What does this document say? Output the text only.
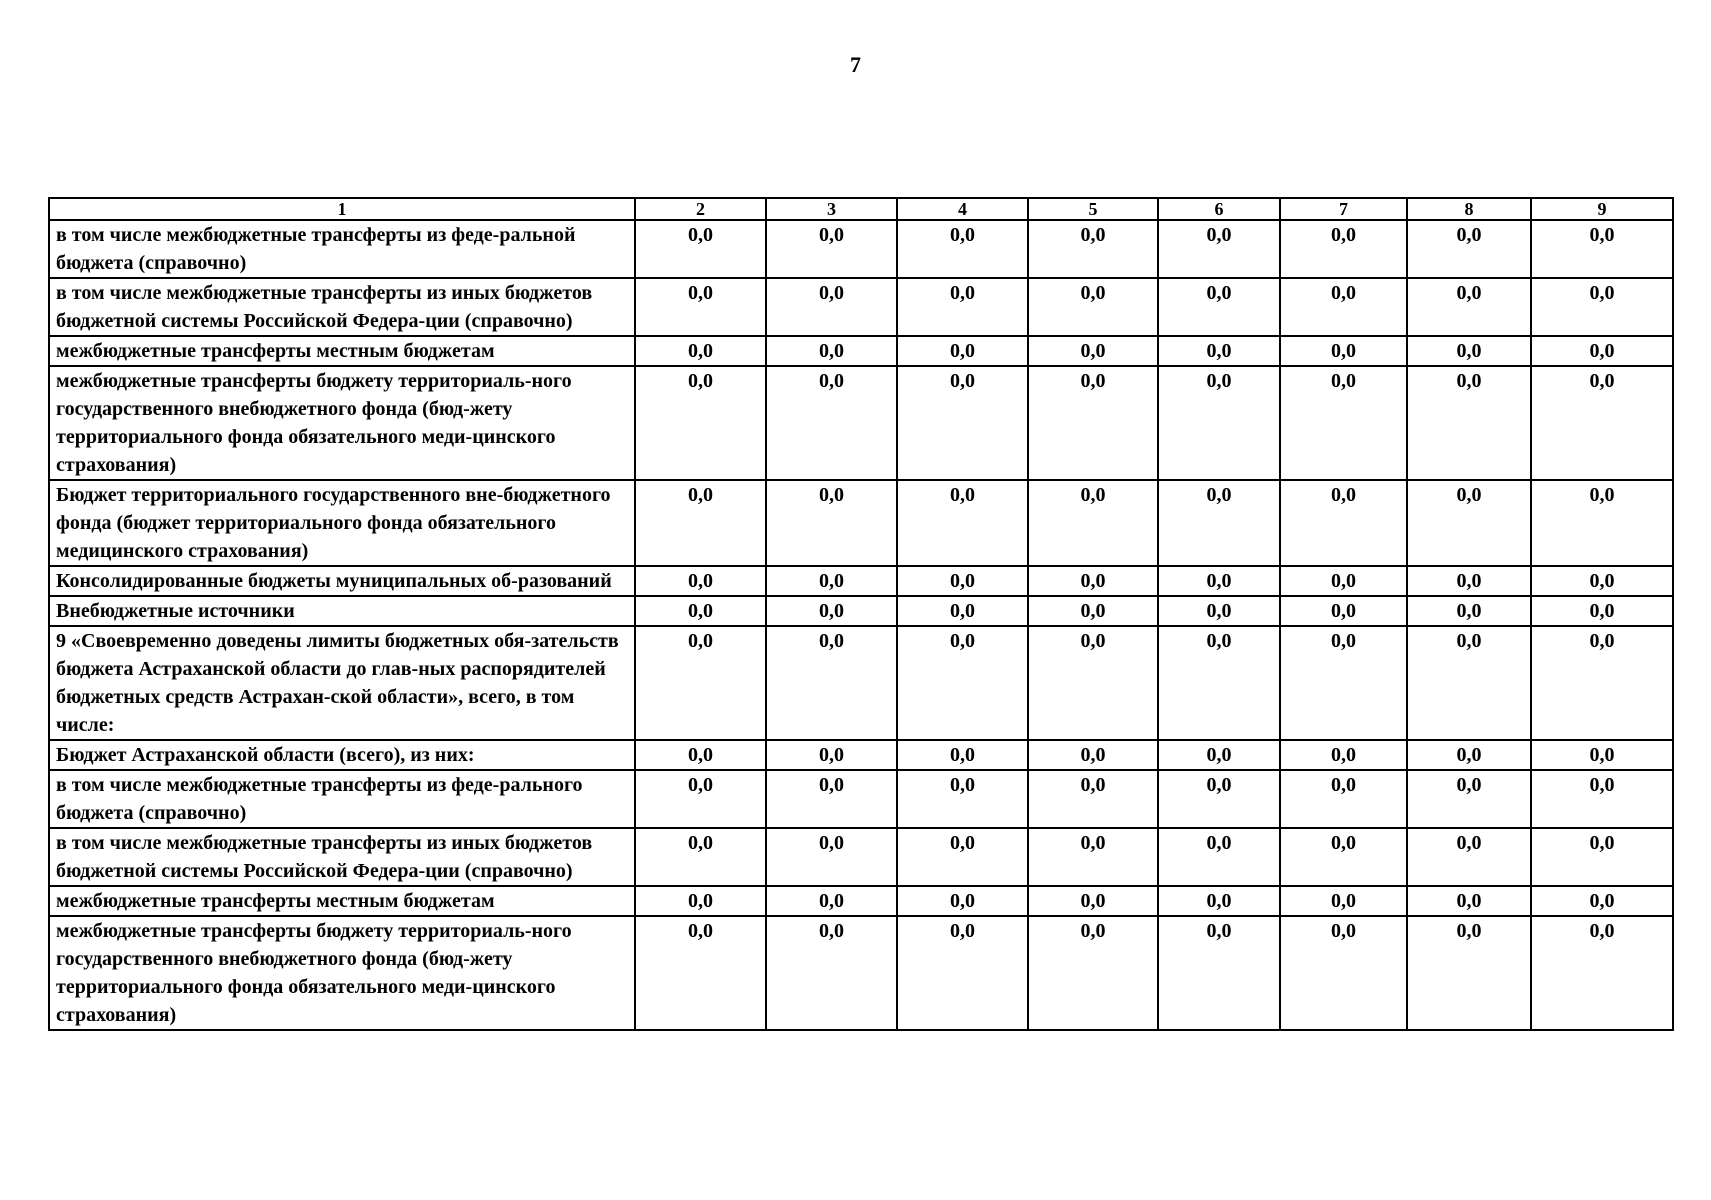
7
1	2	3	4	5	6	7	8	9
в том числе межбюджетные трансферты из феде-ральной бюджета (справочно)	0,0	0,0	0,0	0,0	0,0	0,0	0,0	0,0
в том числе межбюджетные трансферты из иных бюджетов бюджетной системы Российской Федера-ции (справочно)	0,0	0,0	0,0	0,0	0,0	0,0	0,0	0,0
межбюджетные трансферты местным бюджетам	0,0	0,0	0,0	0,0	0,0	0,0	0,0	0,0
межбюджетные трансферты бюджету территориаль-ного государственного внебюджетного фонда (бюд-жету территориального фонда обязательного меди-цинского страхования)	0,0	0,0	0,0	0,0	0,0	0,0	0,0	0,0
Бюджет территориального государственного вне-бюджетного фонда (бюджет территориального фонда обязательного медицинского страхования)	0,0	0,0	0,0	0,0	0,0	0,0	0,0	0,0
Консолидированные бюджеты муниципальных об-разований	0,0	0,0	0,0	0,0	0,0	0,0	0,0	0,0
Внебюджетные источники	0,0	0,0	0,0	0,0	0,0	0,0	0,0	0,0
9 «Своевременно доведены лимиты бюджетных обя-зательств бюджета Астраханской области до глав-ных распорядителей бюджетных средств Астрахан-ской области», всего, в том числе:	0,0	0,0	0,0	0,0	0,0	0,0	0,0	0,0
Бюджет Астраханской области (всего), из них:	0,0	0,0	0,0	0,0	0,0	0,0	0,0	0,0
в том числе межбюджетные трансферты из феде-рального бюджета (справочно)	0,0	0,0	0,0	0,0	0,0	0,0	0,0	0,0
в том числе межбюджетные трансферты из иных бюджетов бюджетной системы Российской Федера-ции (справочно)	0,0	0,0	0,0	0,0	0,0	0,0	0,0	0,0
межбюджетные трансферты местным бюджетам	0,0	0,0	0,0	0,0	0,0	0,0	0,0	0,0
межбюджетные трансферты бюджету территориаль-ного государственного внебюджетного фонда (бюд-жету территориального фонда обязательного меди-цинского страхования)	0,0	0,0	0,0	0,0	0,0	0,0	0,0	0,0
